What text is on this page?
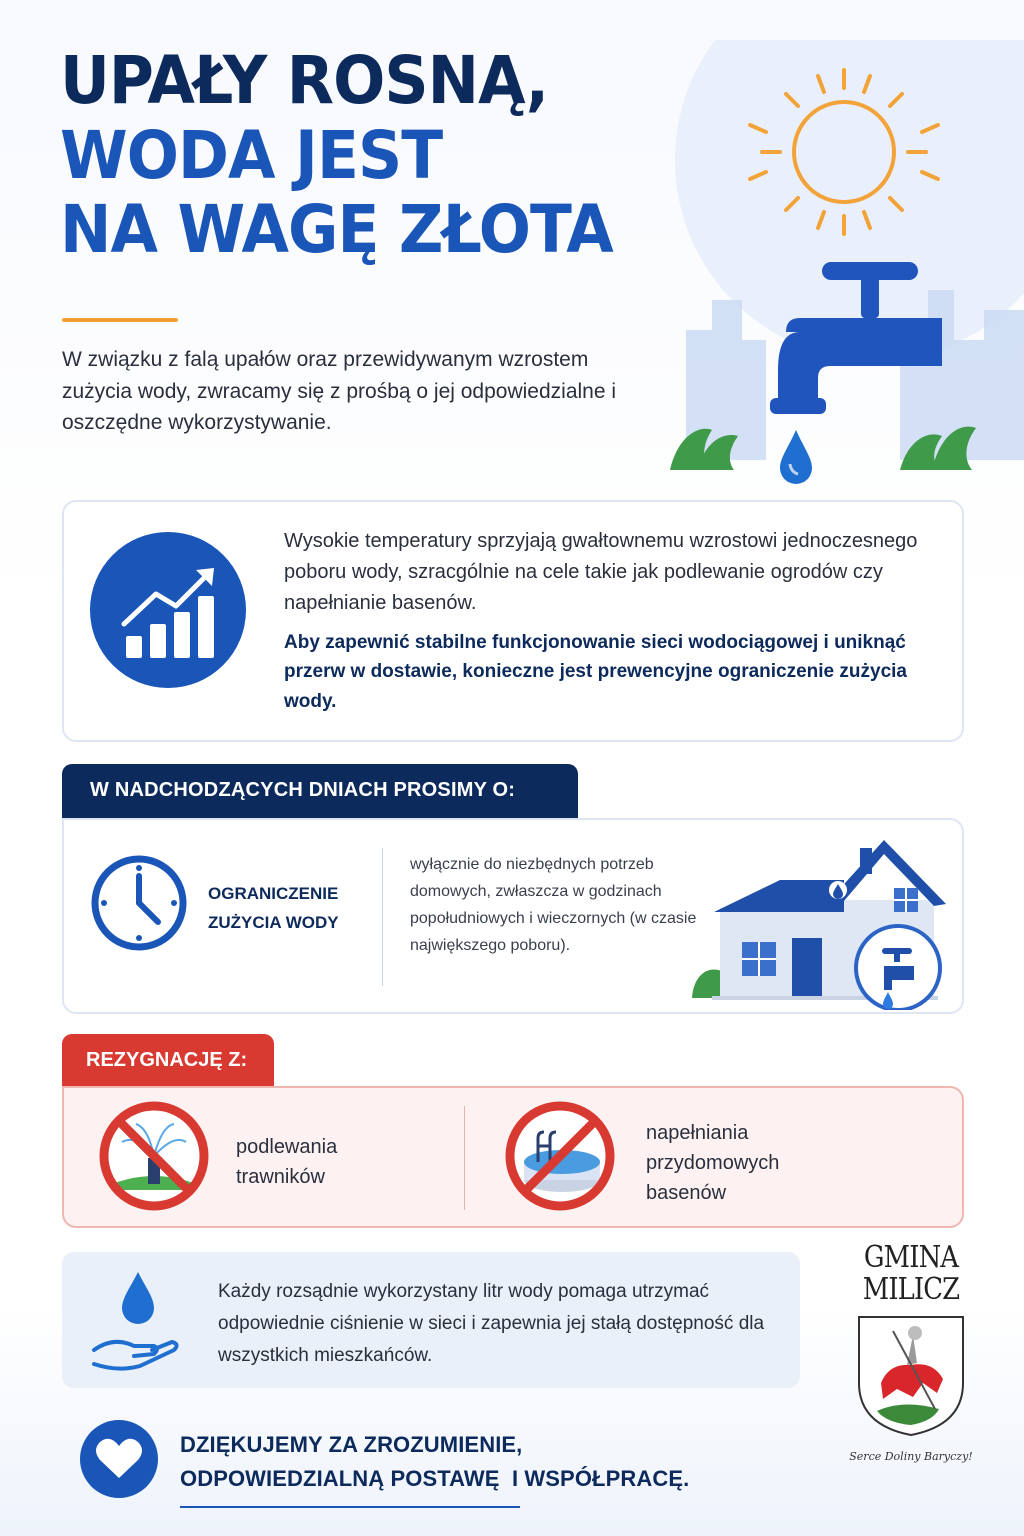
UPAŁY ROSNĄ,
WODA JEST
NA WAGĘ ZŁOTA

W związku z falą upałów oraz przewidywanym wzrostem zużycia wody, zwracamy się z prośbą o jej odpowiedzialne i oszczędne wykorzystywanie.

Wysokie temperatury sprzyjają gwałtownemu wzrostowi jednoczesnego poboru wody, szracgólnie na cele takie jak podlewanie ogrodów czy napełnianie basenów.

Aby zapewnić stabilne funkcjonowanie sieci wodociągowej i uniknąć przerw w dostawie, konieczne jest prewencyjne ograniczenie zużycia wody.

W NADCHODZĄCYCH DNIACH PROSIMY O:
OGRANICZENIE ZUŻYCIA WODY

wyłącznie do niezbędnych potrzeb domowych, zwłaszcza w godzinach popołudniowych i wieczornych (w czasie największego poboru).

REZYGNACJĘ Z:

podlewania trawników

napełniania przydomowych basenów

Każdy rozsądnie wykorzystany litr wody pomaga utrzymać odpowiednie ciśnienie w sieci i zapewnia jej stałą dostępność dla wszystkich mieszkańców.

GMINA
MILICZ
Serce Doliny Baryczy!
DZIĘKUJEMY ZA ZROZUMIENIE,
ODPOWIEDZIALNĄ POSTAWĘ  I WSPÓŁPRACĘ.
